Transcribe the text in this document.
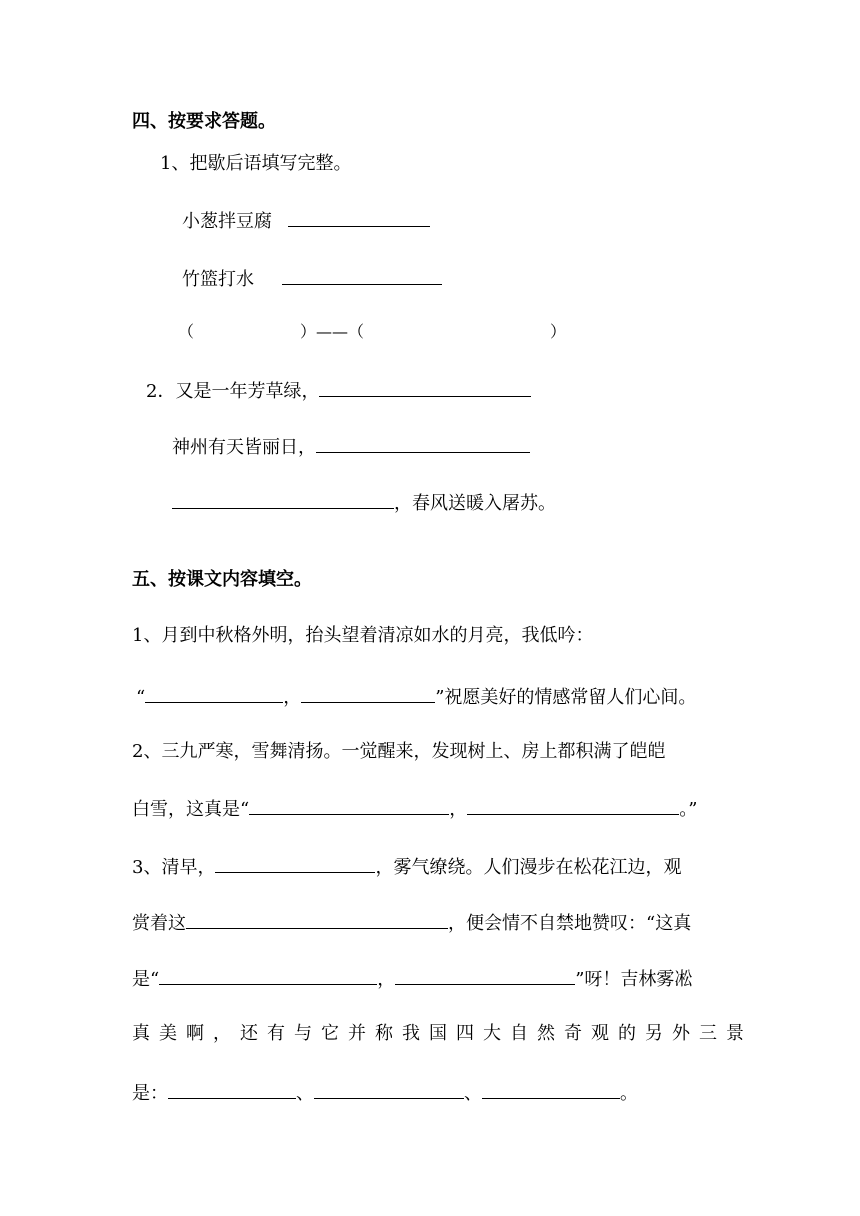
四、按要求答题。
1、把歇后语填写完整。
小葱拌豆腐
竹篮打水
（	）——（	）
2．又是一年芳草绿，
神州有天皆丽日，
，春风送暖入屠苏。
五、按课文内容填空。
1、月到中秋格外明，抬头望着清凉如水的月亮，我低吟：
“	，	”祝愿美好的情感常留人们心间。
2、三九严寒，雪舞清扬。一觉醒来，发现树上、房上都积满了皑皑
白雪，这真是“	，	。”
3、清早，	，雾气缭绕。人们漫步在松花江边，观
赏着这	，便会情不自禁地赞叹：“这真
是“	，	”呀！吉林雾凇
真美啊，还有与它并称我国四大自然奇观的另外三景
是：	、	、	。
